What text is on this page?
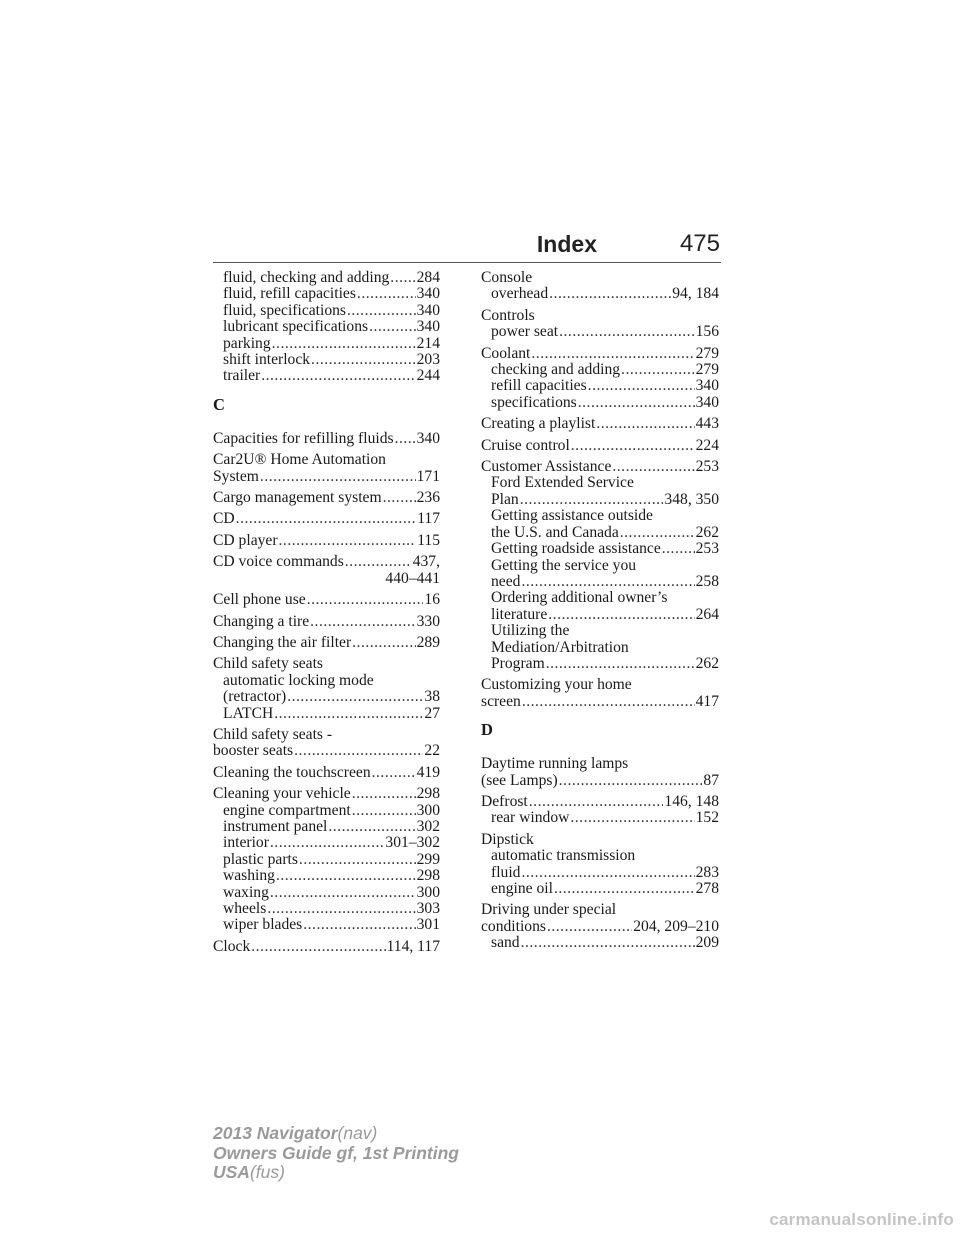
Index	475
fluid, checking and adding ..... 284
fluid, refill capacities .....	340
fluid, specifications .....	340
lubricant specifications .....	340
parking .....	214
shift interlock .....	203
trailer .....	244
C
Capacities for refilling fluids ..... 340
Car2U® Home Automation
System .....	171
Cargo management system ..... 236
CD .....	117
CD player .....	115
CD voice commands .....	437,
440–441
Cell phone use .....	16
Changing a tire .....	330
Changing the air filter .....	289
Child safety seats
automatic locking mode
(retractor) .....	38
LATCH .....	27
Child safety seats -
booster seats .....	22
Cleaning the touchscreen .....	419
Cleaning your vehicle .....	298
engine compartment .....	300
instrument panel .....	302
interior .....	301–302
plastic parts .....	299
washing .....	298
waxing .....	300
wheels .....	303
wiper blades .....	301
Clock .....	114, 117
Console
overhead .....	94, 184
Controls
power seat .....	156
Coolant .....	279
checking and adding .....	279
refill capacities .....	340
specifications .....	340
Creating a playlist .....	443
Cruise control .....	224
Customer Assistance .....	253
Ford Extended Service
Plan .....	348, 350
Getting assistance outside
the U.S. and Canada .....	262
Getting roadside assistance ..... 253
Getting the service you
need .....	258
Ordering additional owner’s
literature .....	264
Utilizing the
Mediation/Arbitration
Program .....	262
Customizing your home
screen .....	417
D
Daytime running lamps
(see Lamps) .....	87
Defrost .....	146, 148
rear window .....	152
Dipstick
automatic transmission
fluid .....	283
engine oil .....	278
Driving under special
conditions .....	204, 209–210
sand .....	209
2013 Navigator(nav)
Owners Guide gf, 1st Printing
USA(fus)
carmanualsonline.info
